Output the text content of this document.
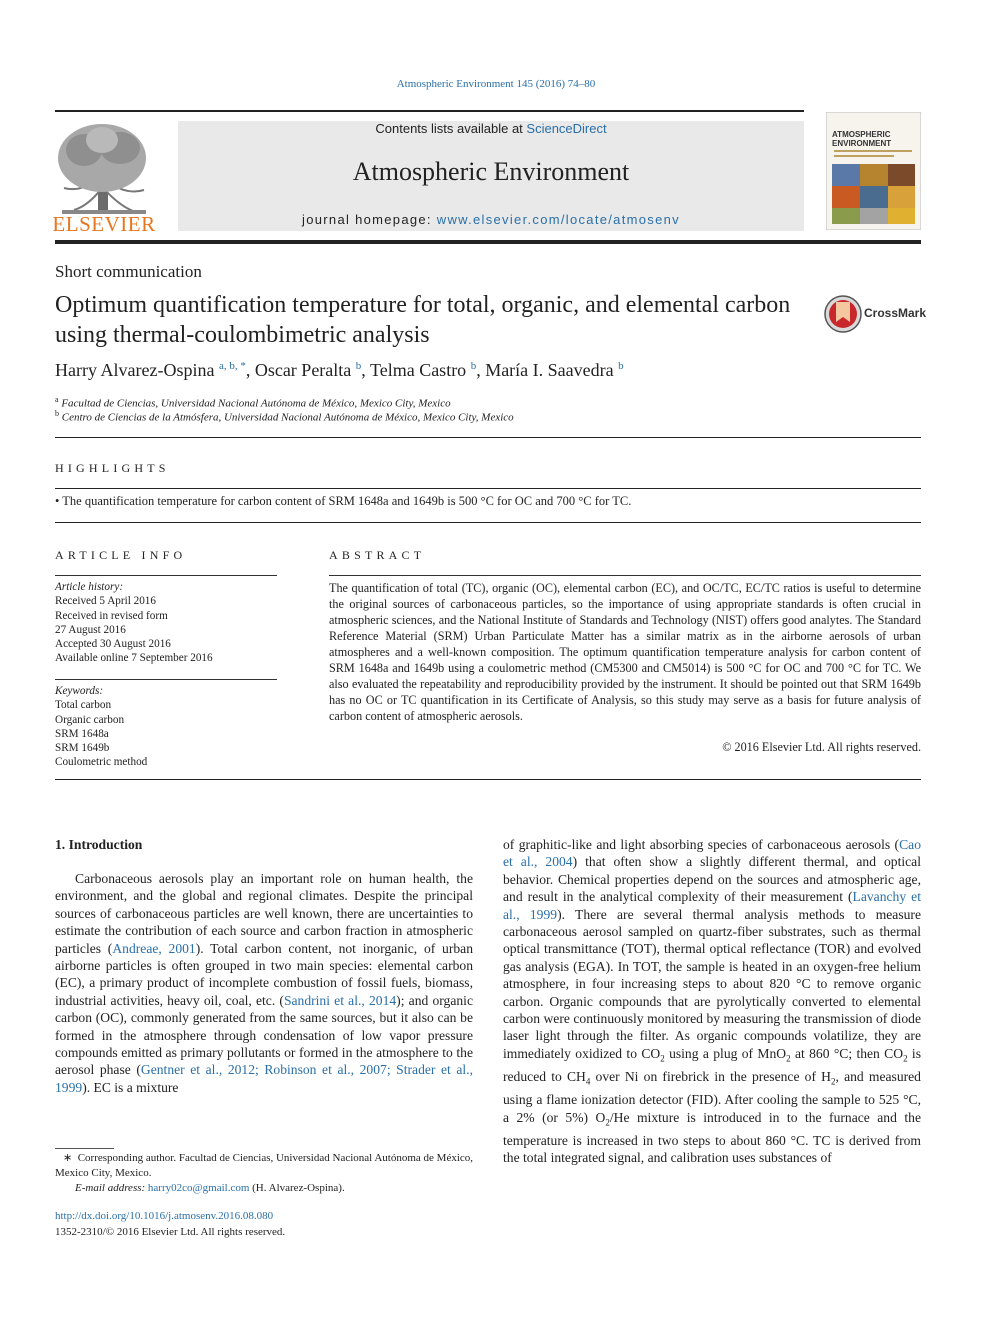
Atmospheric Environment 145 (2016) 74–80
ELSEVIER
Contents lists available at ScienceDirect
Atmospheric Environment
journal homepage: www.elsevier.com/locate/atmosenv
ATMOSPHERIC ENVIRONMENT
Short communication
Optimum quantification temperature for total, organic, and elemental carbon using thermal-coulombimetric analysis
CrossMark
Harry Alvarez-Ospina $^{a, b, *}$, Oscar Peralta $^b$, Telma Castro $^b$, María I. Saavedra $^b$
$^a$ Facultad de Ciencias, Universidad Nacional Autónoma de México, Mexico City, Mexico
$^b$ Centro de Ciencias de la Atmósfera, Universidad Nacional Autónoma de México, Mexico City, Mexico
HIGHLIGHTS
• The quantification temperature for carbon content of SRM 1648a and 1649b is 500 °C for OC and 700 °C for TC.
ARTICLE INFO
Article history:
Received 5 April 2016
Received in revised form
27 August 2016
Accepted 30 August 2016
Available online 7 September 2016
Keywords:
Total carbon
Organic carbon
SRM 1648a
SRM 1649b
Coulometric method
ABSTRACT
The quantification of total (TC), organic (OC), elemental carbon (EC), and OC/TC, EC/TC ratios is useful to determine the original sources of carbonaceous particles, so the importance of using appropriate standards is often crucial in atmospheric sciences, and the National Institute of Standards and Technology (NIST) offers good analytes. The Standard Reference Material (SRM) Urban Particulate Matter has a similar matrix as in the airborne aerosols of urban atmospheres and a well-known composition. The optimum quantification temperature analysis for carbon content of SRM 1648a and 1649b using a coulometric method (CM5300 and CM5014) is 500 °C for OC and 700 °C for TC. We also evaluated the repeatability and reproducibility provided by the instrument. It should be pointed out that SRM 1649b has no OC or TC quantification in its Certificate of Analysis, so this study may serve as a basis for future analysis of carbon content of atmospheric aerosols.
© 2016 Elsevier Ltd. All rights reserved.
1. Introduction

Carbonaceous aerosols play an important role on human health, the environment, and the global and regional climates. Despite the principal sources of carbonaceous particles are well known, there are uncertainties to estimate the contribution of each source and carbon fraction in atmospheric particles (Andreae, 2001). Total carbon content, not inorganic, of urban airborne particles is often grouped in two main species: elemental carbon (EC), a primary product of incomplete combustion of fossil fuels, biomass, industrial activities, heavy oil, coal, etc. (Sandrini et al., 2014); and organic carbon (OC), commonly generated from the same sources, but it also can be formed in the atmosphere through condensation of low vapor pressure compounds emitted as primary pollutants or formed in the atmosphere to the aerosol phase (Gentner et al., 2012; Robinson et al., 2007; Strader et al., 1999). EC is a mixture

of graphitic-like and light absorbing species of carbonaceous aerosols (Cao et al., 2004) that often show a slightly different thermal, and optical behavior. Chemical properties depend on the sources and atmospheric age, and result in the analytical complexity of their measurement (Lavanchy et al., 1999). There are several thermal analysis methods to measure carbonaceous aerosol sampled on quartz-fiber substrates, such as thermal optical transmittance (TOT), thermal optical reflectance (TOR) and evolved gas analysis (EGA). In TOT, the sample is heated in an oxygen-free helium atmosphere, in four increasing steps to about 820 °C to remove organic carbon. Organic compounds that are pyrolytically converted to elemental carbon were continuously monitored by measuring the transmission of diode laser light through the filter. As organic compounds volatilize, they are immediately oxidized to $CO_2$ using a plug of MnO$_2$ at 860 °C; then $CO_2$ is reduced to $CH_4$ over Ni on firebrick in the presence of $H_2$, and measured using a flame ionization detector (FID). After cooling the sample to 525 °C, a 2% (or 5%) $O_2/He$ mixture is introduced in to the furnace and the temperature is increased in two steps to about 860 °C. TC is derived from the total integrated signal, and calibration uses substances of

∗ Corresponding author. Facultad de Ciencias, Universidad Nacional Autónoma de México, Mexico City, Mexico.
E-mail address: harry02co@gmail.com (H. Alvarez-Ospina).
http://dx.doi.org/10.1016/j.atmosenv.2016.08.080
1352-2310/© 2016 Elsevier Ltd. All rights reserved.
